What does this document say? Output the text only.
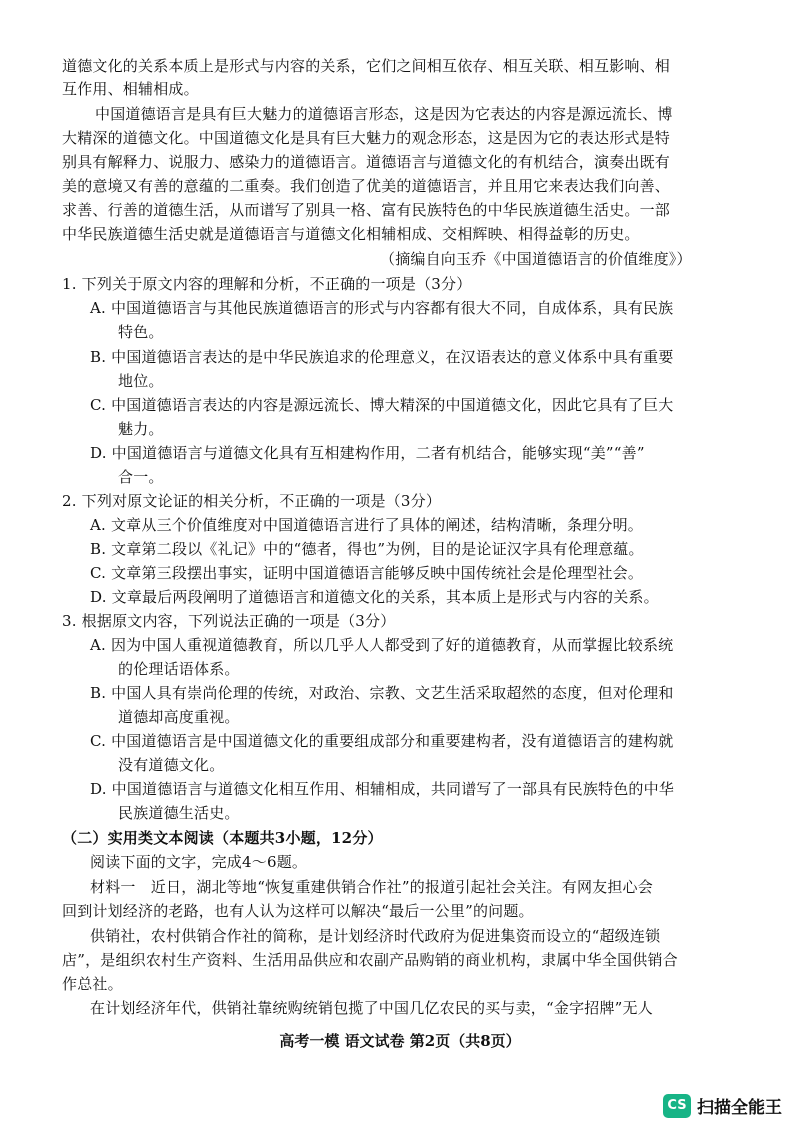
道德文化的关系本质上是形式与内容的关系，它们之间相互依存、相互关联、相互影响、相
互作用、相辅相成。
中国道德语言是具有巨大魅力的道德语言形态，这是因为它表达的内容是源远流长、博
大精深的道德文化。中国道德文化是具有巨大魅力的观念形态，这是因为它的表达形式是特
别具有解释力、说服力、感染力的道德语言。道德语言与道德文化的有机结合，演奏出既有
美的意境又有善的意蕴的二重奏。我们创造了优美的道德语言，并且用它来表达我们向善、
求善、行善的道德生活，从而谱写了别具一格、富有民族特色的中华民族道德生活史。一部
中华民族道德生活史就是道德语言与道德文化相辅相成、交相辉映、相得益彰的历史。
（摘编自向玉乔《中国道德语言的价值维度》）
1. 下列关于原文内容的理解和分析，不正确的一项是（3分）
A. 中国道德语言与其他民族道德语言的形式与内容都有很大不同，自成体系，具有民族
特色。
B. 中国道德语言表达的是中华民族追求的伦理意义，在汉语表达的意义体系中具有重要
地位。
C. 中国道德语言表达的内容是源远流长、博大精深的中国道德文化，因此它具有了巨大
魅力。
D. 中国道德语言与道德文化具有互相建构作用，二者有机结合，能够实现“美”“善”
合一。
2. 下列对原文论证的相关分析，不正确的一项是（3分）
A. 文章从三个价值维度对中国道德语言进行了具体的阐述，结构清晰，条理分明。
B. 文章第二段以《礼记》中的“德者，得也”为例，目的是论证汉字具有伦理意蕴。
C. 文章第三段摆出事实，证明中国道德语言能够反映中国传统社会是伦理型社会。
D. 文章最后两段阐明了道德语言和道德文化的关系，其本质上是形式与内容的关系。
3. 根据原文内容，下列说法正确的一项是（3分）
A. 因为中国人重视道德教育，所以几乎人人都受到了好的道德教育，从而掌握比较系统
的伦理话语体系。
B. 中国人具有崇尚伦理的传统，对政治、宗教、文艺生活采取超然的态度，但对伦理和
道德却高度重视。
C. 中国道德语言是中国道德文化的重要组成部分和重要建构者，没有道德语言的建构就
没有道德文化。
D. 中国道德语言与道德文化相互作用、相辅相成，共同谱写了一部具有民族特色的中华
民族道德生活史。
（二）实用类文本阅读（本题共3小题，12分）
阅读下面的文字，完成4～6题。
材料一　近日，湖北等地“恢复重建供销合作社”的报道引起社会关注。有网友担心会
回到计划经济的老路，也有人认为这样可以解决“最后一公里”的问题。
供销社，农村供销合作社的简称，是计划经济时代政府为促进集资而设立的“超级连锁
店”，是组织农村生产资料、生活用品供应和农副产品购销的商业机构，隶属中华全国供销合
作总社。
在计划经济年代，供销社靠统购统销包揽了中国几亿农民的买与卖，“金字招牌”无人
高考一模 语文试卷 第2页（共8页）
CS 扫描全能王
